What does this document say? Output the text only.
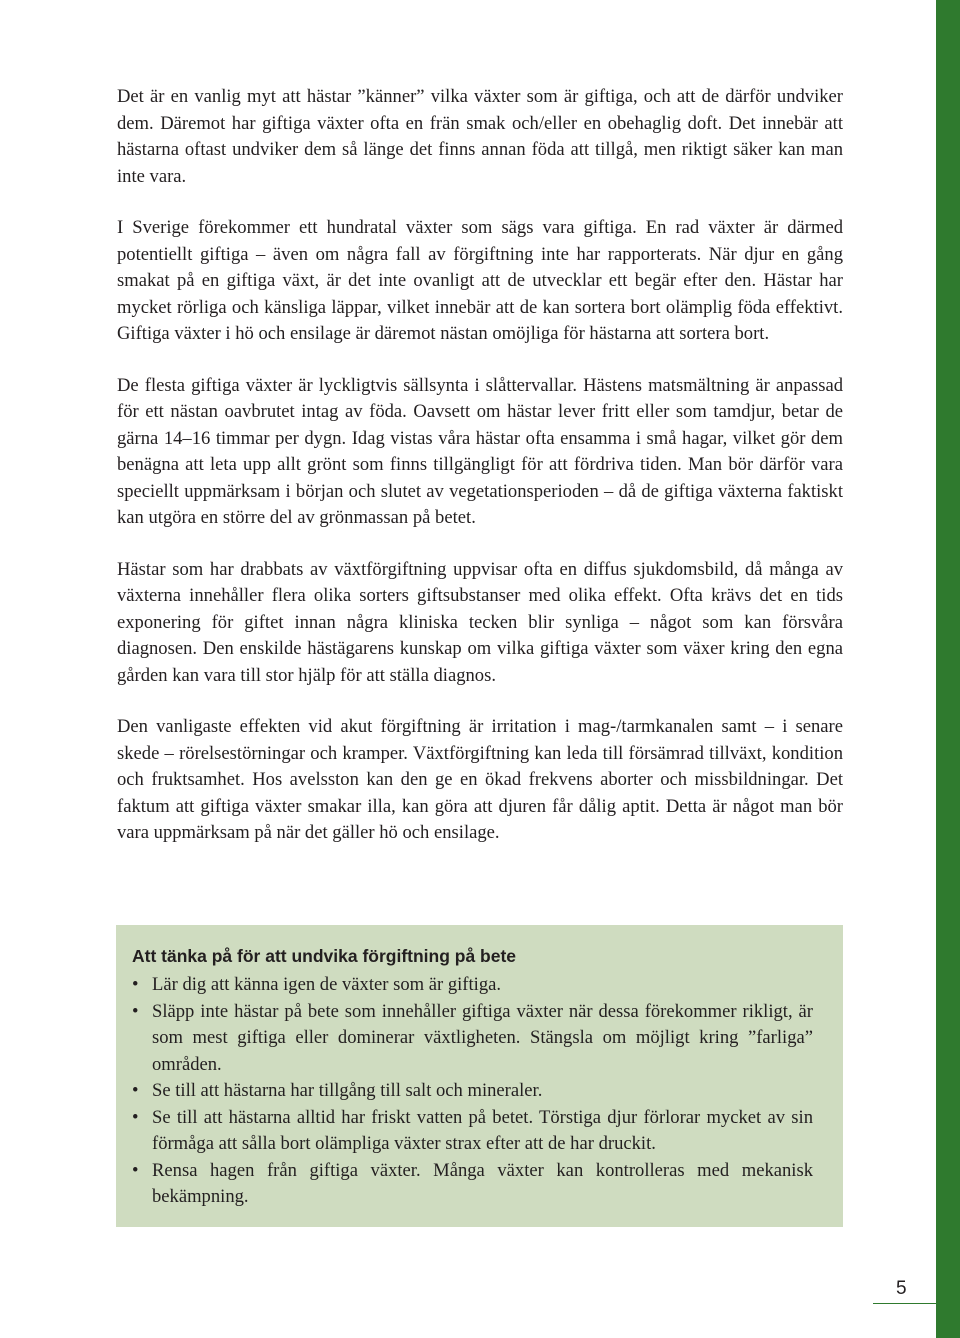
Det är en vanlig myt att hästar ”känner” vilka växter som är giftiga, och att de därför undviker dem. Däremot har giftiga växter ofta en frän smak och/eller en obehaglig doft. Det innebär att hästarna oftast undviker dem så länge det finns annan föda att tillgå, men riktigt säker kan man inte vara.

I Sverige förekommer ett hundratal växter som sägs vara giftiga. En rad växter är därmed potentiellt giftiga – även om några fall av förgiftning inte har rapporterats. När djur en gång smakat på en giftiga växt, är det inte ovanligt att de utvecklar ett begär efter den. Hästar har mycket rörliga och känsliga läppar, vilket innebär att de kan sortera bort olämplig föda effektivt. Giftiga växter i hö och ensilage är däremot nästan omöjliga för hästarna att sortera bort.

De flesta giftiga växter är lyckligtvis sällsynta i slåttervallar. Hästens matsmältning är anpassad för ett nästan oavbrutet intag av föda. Oavsett om hästar lever fritt eller som tamdjur, betar de gärna 14–16 timmar per dygn. Idag vistas våra hästar ofta ensamma i små hagar, vilket gör dem benägna att leta upp allt grönt som finns tillgängligt för att fördriva tiden. Man bör därför vara speciellt uppmärksam i början och slutet av vegetationsperioden – då de giftiga växterna faktiskt kan utgöra en större del av grönmassan på betet.

Hästar som har drabbats av växtförgiftning uppvisar ofta en diffus sjukdomsbild, då många av växterna innehåller flera olika sorters giftsubstanser med olika effekt. Ofta krävs det en tids exponering för giftet innan några kliniska tecken blir synliga – något som kan försvåra diagnosen. Den enskilde hästägarens kunskap om vilka giftiga växter som växer kring den egna gården kan vara till stor hjälp för att ställa diagnos.

Den vanligaste effekten vid akut förgiftning är irritation i mag-/tarmkanalen samt – i senare skede – rörelsestörningar och kramper. Växtförgiftning kan leda till försämrad tillväxt, kondition och fruktsamhet. Hos avelsston kan den ge en ökad frekvens aborter och missbildningar. Det faktum att giftiga växter smakar illa, kan göra att djuren får dålig aptit. Detta är något man bör vara uppmärksam på när det gäller hö och ensilage.

Att tänka på för att undvika förgiftning på bete
• Lär dig att känna igen de växter som är giftiga.
• Släpp inte hästar på bete som innehåller giftiga växter när dessa förekommer rikligt, är som mest giftiga eller dominerar växtligheten. Stängsla om möjligt kring ”farliga” områden.
• Se till att hästarna har tillgång till salt och mineraler.
• Se till att hästarna alltid har friskt vatten på betet. Törstiga djur förlorar mycket av sin förmåga att sålla bort olämpliga växter strax efter att de har druckit.
• Rensa hagen från giftiga växter. Många växter kan kontrolleras med mekanisk bekämpning.
5
